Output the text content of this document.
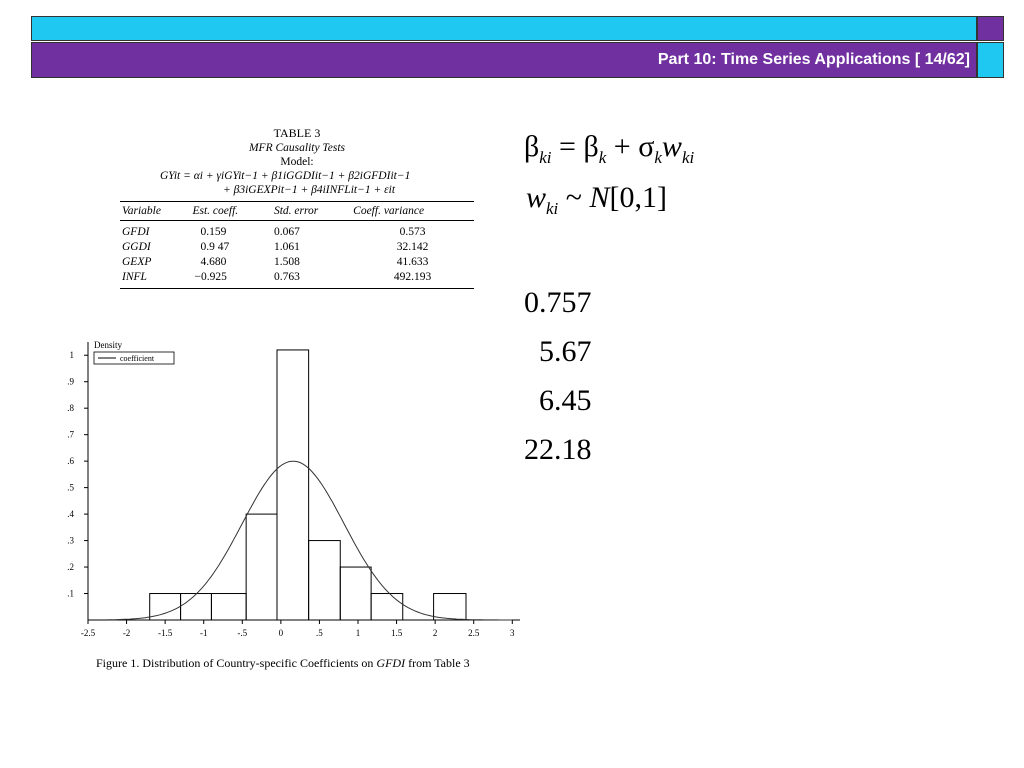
Part 10: Time Series Applications [ 14/62]
TABLE 3
MFR Causality Tests
Model:
GYit = αi + γiGYit−1 + β1iGGDIit−1 + β2iGFDIit−1
+ β3iGEXPit−1 + β4iINFLit−1 + εit
Variable	Est. coeff.	Std. error	Coeff. variance
GFDI	0.159	0.067	0.573
GGDI	0.9 47	1.061	32.142
GEXP	4.680	1.508	41.633
INFL	−0.925	0.763	492.193
$\beta_{ki} = \beta_k + \sigma_kw_{ki}$
$w_{ki}$ ~ N[0,1]
0.757
5.67
6.45
22.18
.1
.2
.3
.4
.5
.6
.7
.8
.9
1
-2.5	-2	-1.5	-1	-.5	0	.5	1	1.5	2	2.5	3
Density
coefficient
Figure 1. Distribution of Country-specific Coefficients on GFDI from Table 3
